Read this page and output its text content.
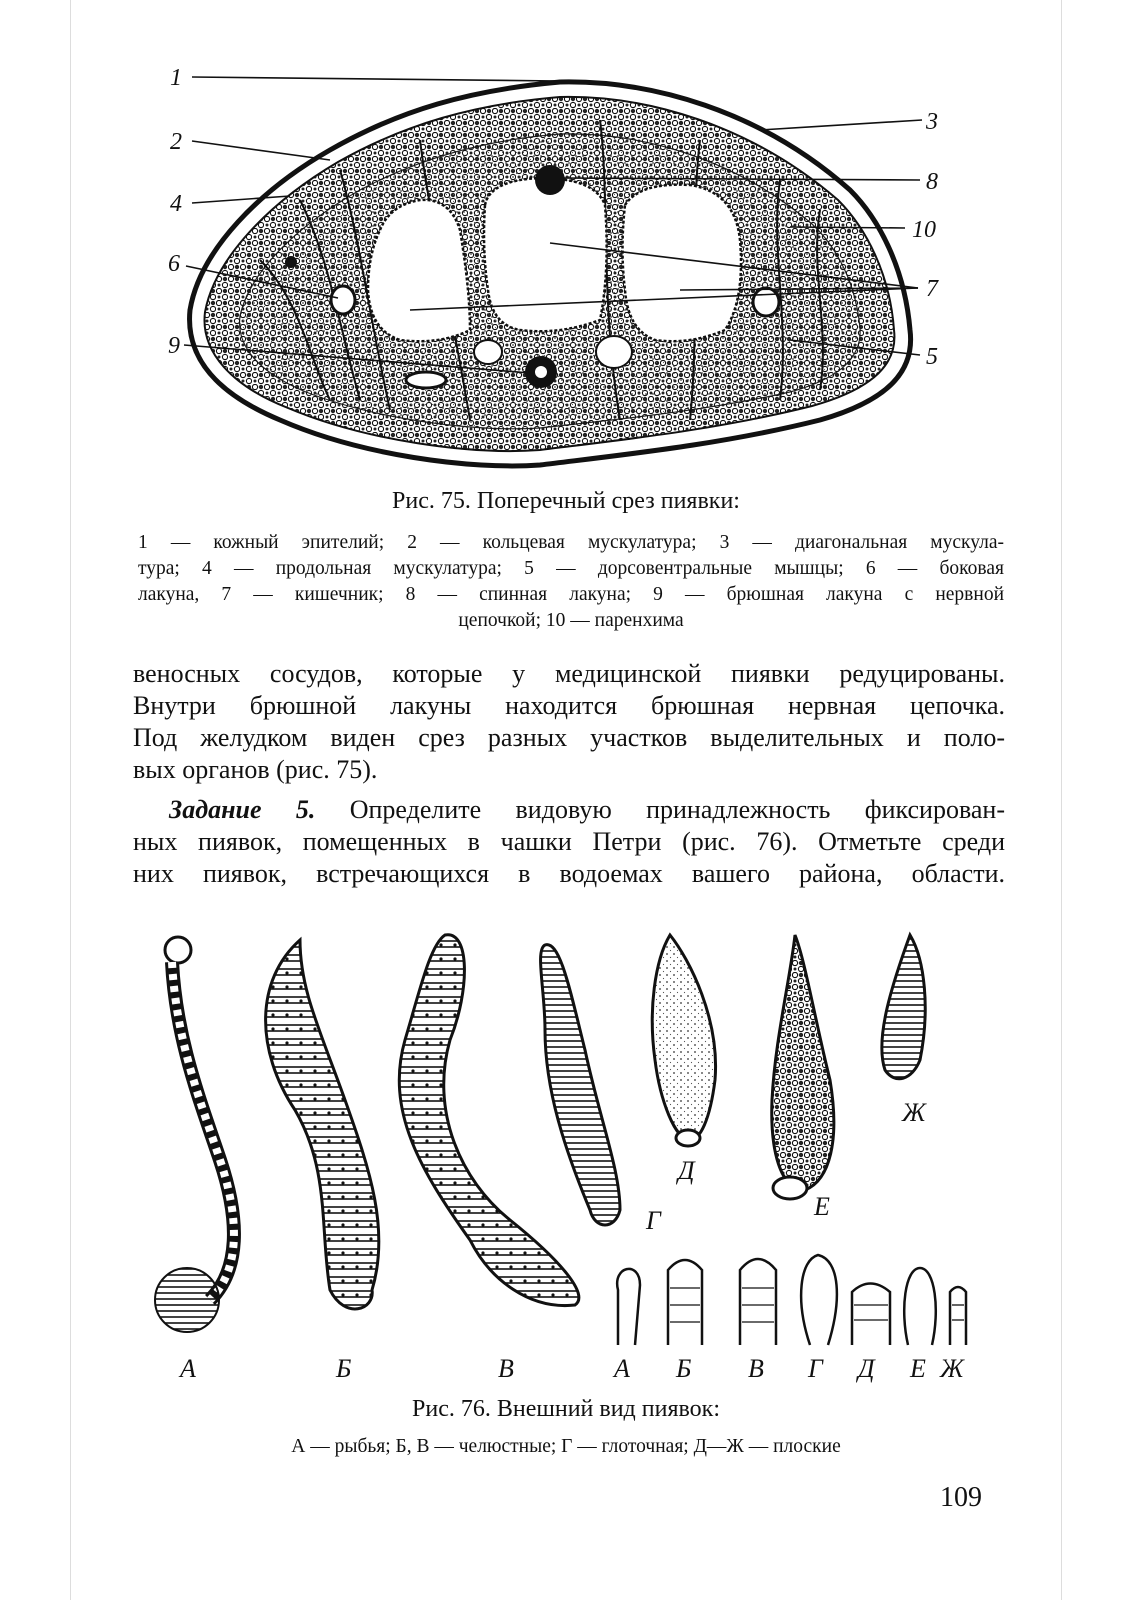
1
2
3
4
5
6
7
8
9
10
Рис. 75. Поперечный срез пиявки:
1 — кожный эпителий; 2 — кольцевая мускулатура; 3 — диагональная мускула-
тура; 4 — продольная мускулатура; 5 — дорсовентральные мышцы; 6 — боковая
лакуна, 7 — кишечник; 8 — спинная лакуна; 9 — брюшная лакуна с нервной
цепочкой; 10 — паренхима
веносных сосудов, которые у медицинской пиявки редуцированы.
Внутри брюшной лакуны находится брюшная нервная цепочка.
Под желудком виден срез разных участков выделительных и поло-
вых органов (рис. 75).
Задание 5. Определите видовую принадлежность фиксирован-
ных пиявок, помещенных в чашки Петри (рис. 76). Отметьте среди
них пиявок, встречающихся в водоемах вашего района, области.
А	Б	В
Г
Д
Е
Ж
А Б В Г Д Е Ж
Рис. 76. Внешний вид пиявок:
А — рыбья; Б, В — челюстные; Г — глоточная; Д—Ж — плоские
109
